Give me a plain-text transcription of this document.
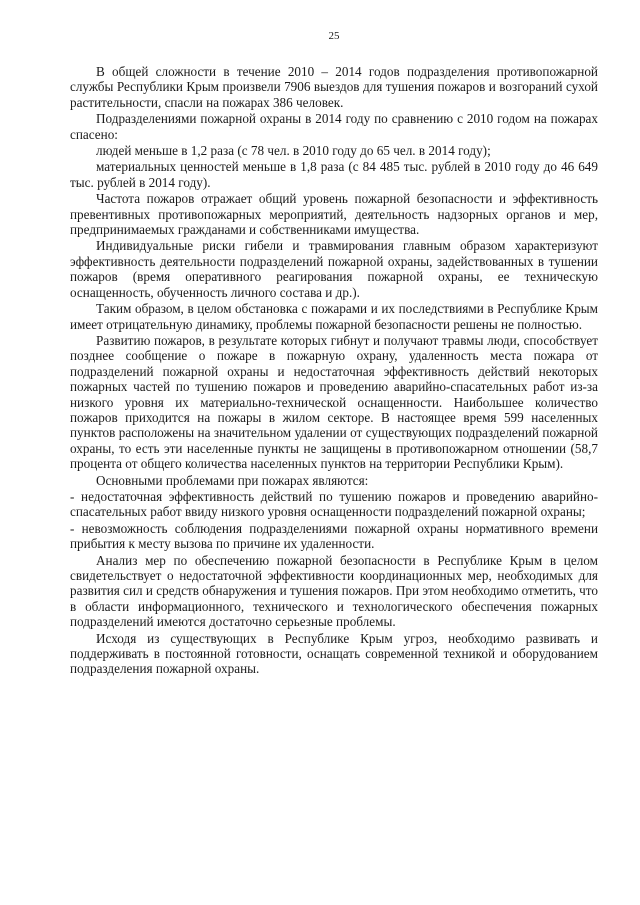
25

В общей сложности в течение 2010 – 2014 годов подразделения противопожарной службы Республики Крым произвели 7906 выездов для тушения пожаров и возгораний сухой растительности, спасли на пожарах 386 человек.

Подразделениями пожарной охраны в 2014 году по сравнению с 2010 годом на пожарах спасено:

людей меньше в 1,2 раза (с 78 чел. в 2010 году до 65 чел. в 2014 году);

материальных ценностей меньше в 1,8 раза (с 84 485 тыс. рублей в 2010 году до 46 649 тыс. рублей в 2014 году).

Частота пожаров отражает общий уровень пожарной безопасности и эффективность превентивных противопожарных мероприятий, деятельность надзорных органов и мер, предпринимаемых гражданами и собственниками имущества.

Индивидуальные риски гибели и травмирования главным образом характеризуют эффективность деятельности подразделений пожарной охраны, задействованных в тушении пожаров (время оперативного реагирования пожарной охраны, ее техническую оснащенность, обученность личного состава и др.).

Таким образом, в целом обстановка с пожарами и их последствиями в Республике Крым имеет отрицательную динамику, проблемы пожарной безопасности решены не полностью.

Развитию пожаров, в результате которых гибнут и получают травмы люди, способствует позднее сообщение о пожаре в пожарную охрану, удаленность места пожара от подразделений пожарной охраны и недостаточная эффективность действий некоторых пожарных частей по тушению пожаров и проведению аварийно-спасательных работ из-за низкого уровня их материально-технической оснащенности. Наибольшее количество пожаров приходится на пожары в жилом секторе. В настоящее время 599 населенных пунктов расположены на значительном удалении от существующих подразделений пожарной охраны, то есть эти населенные пункты не защищены в противопожарном отношении (58,7 процента от общего количества населенных пунктов на территории Республики Крым).

Основными проблемами при пожарах являются:

- недостаточная эффективность действий по тушению пожаров и проведению аварийно-спасательных работ ввиду низкого уровня оснащенности подразделений пожарной охраны;

- невозможность соблюдения подразделениями пожарной охраны нормативного времени прибытия к месту вызова по причине их удаленности.

Анализ мер по обеспечению пожарной безопасности в Республике Крым в целом свидетельствует о недостаточной эффективности координационных мер, необходимых для развития сил и средств обнаружения и тушения пожаров. При этом необходимо отметить, что в области информационного, технического и технологического обеспечения пожарных подразделений имеются достаточно серьезные проблемы.

Исходя из существующих в Республике Крым угроз, необходимо развивать и поддерживать в постоянной готовности, оснащать современной техникой и оборудованием подразделения пожарной охраны.
